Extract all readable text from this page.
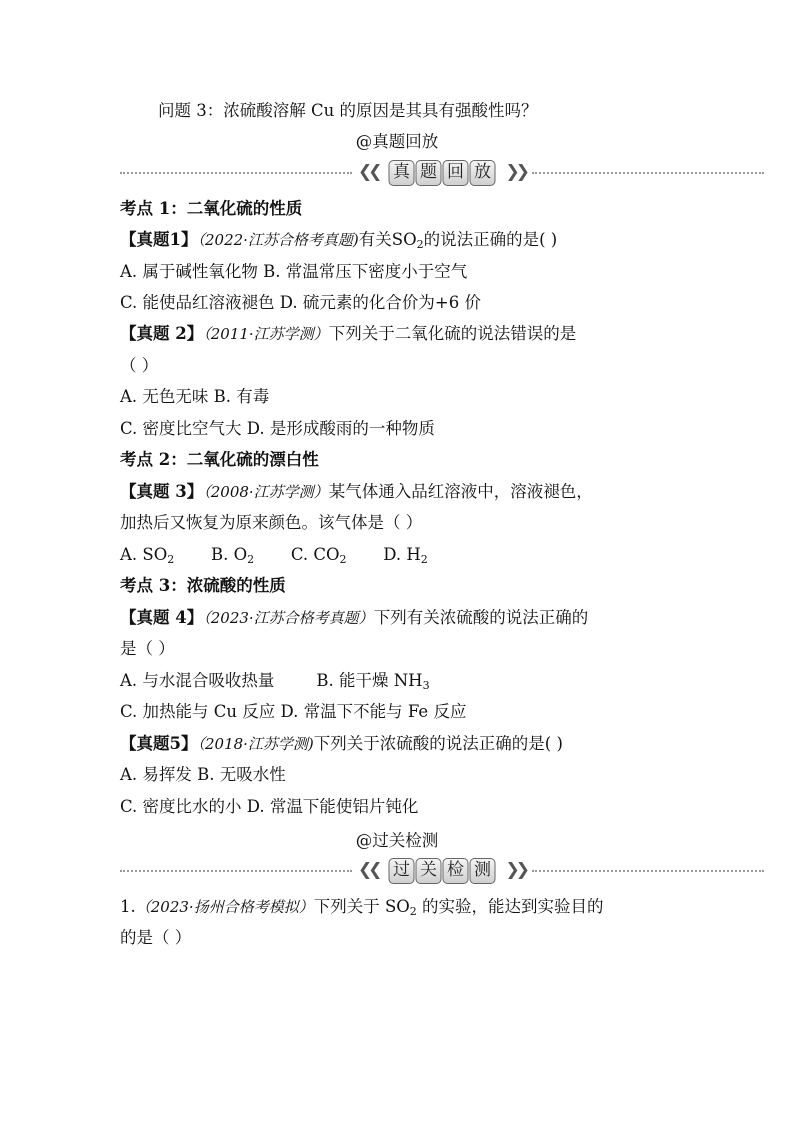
问题 3：浓硫酸溶解 Cu 的原因是其具有强酸性吗？
@真题回放
❮❮ 真 题 回 放 ❯❯
考点 1：二氧化硫的性质
【真题1】（2022·江苏合格考真题)有关$SO_2$的说法正确的是( )
A. 属于碱性氧化物 B. 常温常压下密度小于空气
C. 能使品红溶液褪色 D. 硫元素的化合价为+6 价
【真题 2】（2011·江苏学测）下列关于二氧化硫的说法错误的是
（ ）
A. 无色无味 B. 有毒
C. 密度比空气大 D. 是形成酸雨的一种物质
考点 2：二氧化硫的漂白性
【真题 3】（2008·江苏学测）某气体通入品红溶液中，溶液褪色，
加热后又恢复为原来颜色。该气体是（ ）
A. $SO_2$ B. $O_2$ C. $CO_2$ D. $H_2$
考点 3：浓硫酸的性质
【真题 4】（2023·江苏合格考真题）下列有关浓硫酸的说法正确的
是（ ）
A. 与水混合吸收热量	B. 能干燥 $NH_3$
C. 加热能与 Cu 反应 D. 常温下不能与 Fe 反应
【真题5】（2018·江苏学测)下列关于浓硫酸的说法正确的是( )
A. 易挥发 B. 无吸水性
C. 密度比水的小 D. 常温下能使铝片钝化
@过关检测
❮❮ 过 关 检 测 ❯❯
1.（2023·扬州合格考模拟）下列关于 $SO_2$ 的实验，能达到实验目的
的是（ ）
